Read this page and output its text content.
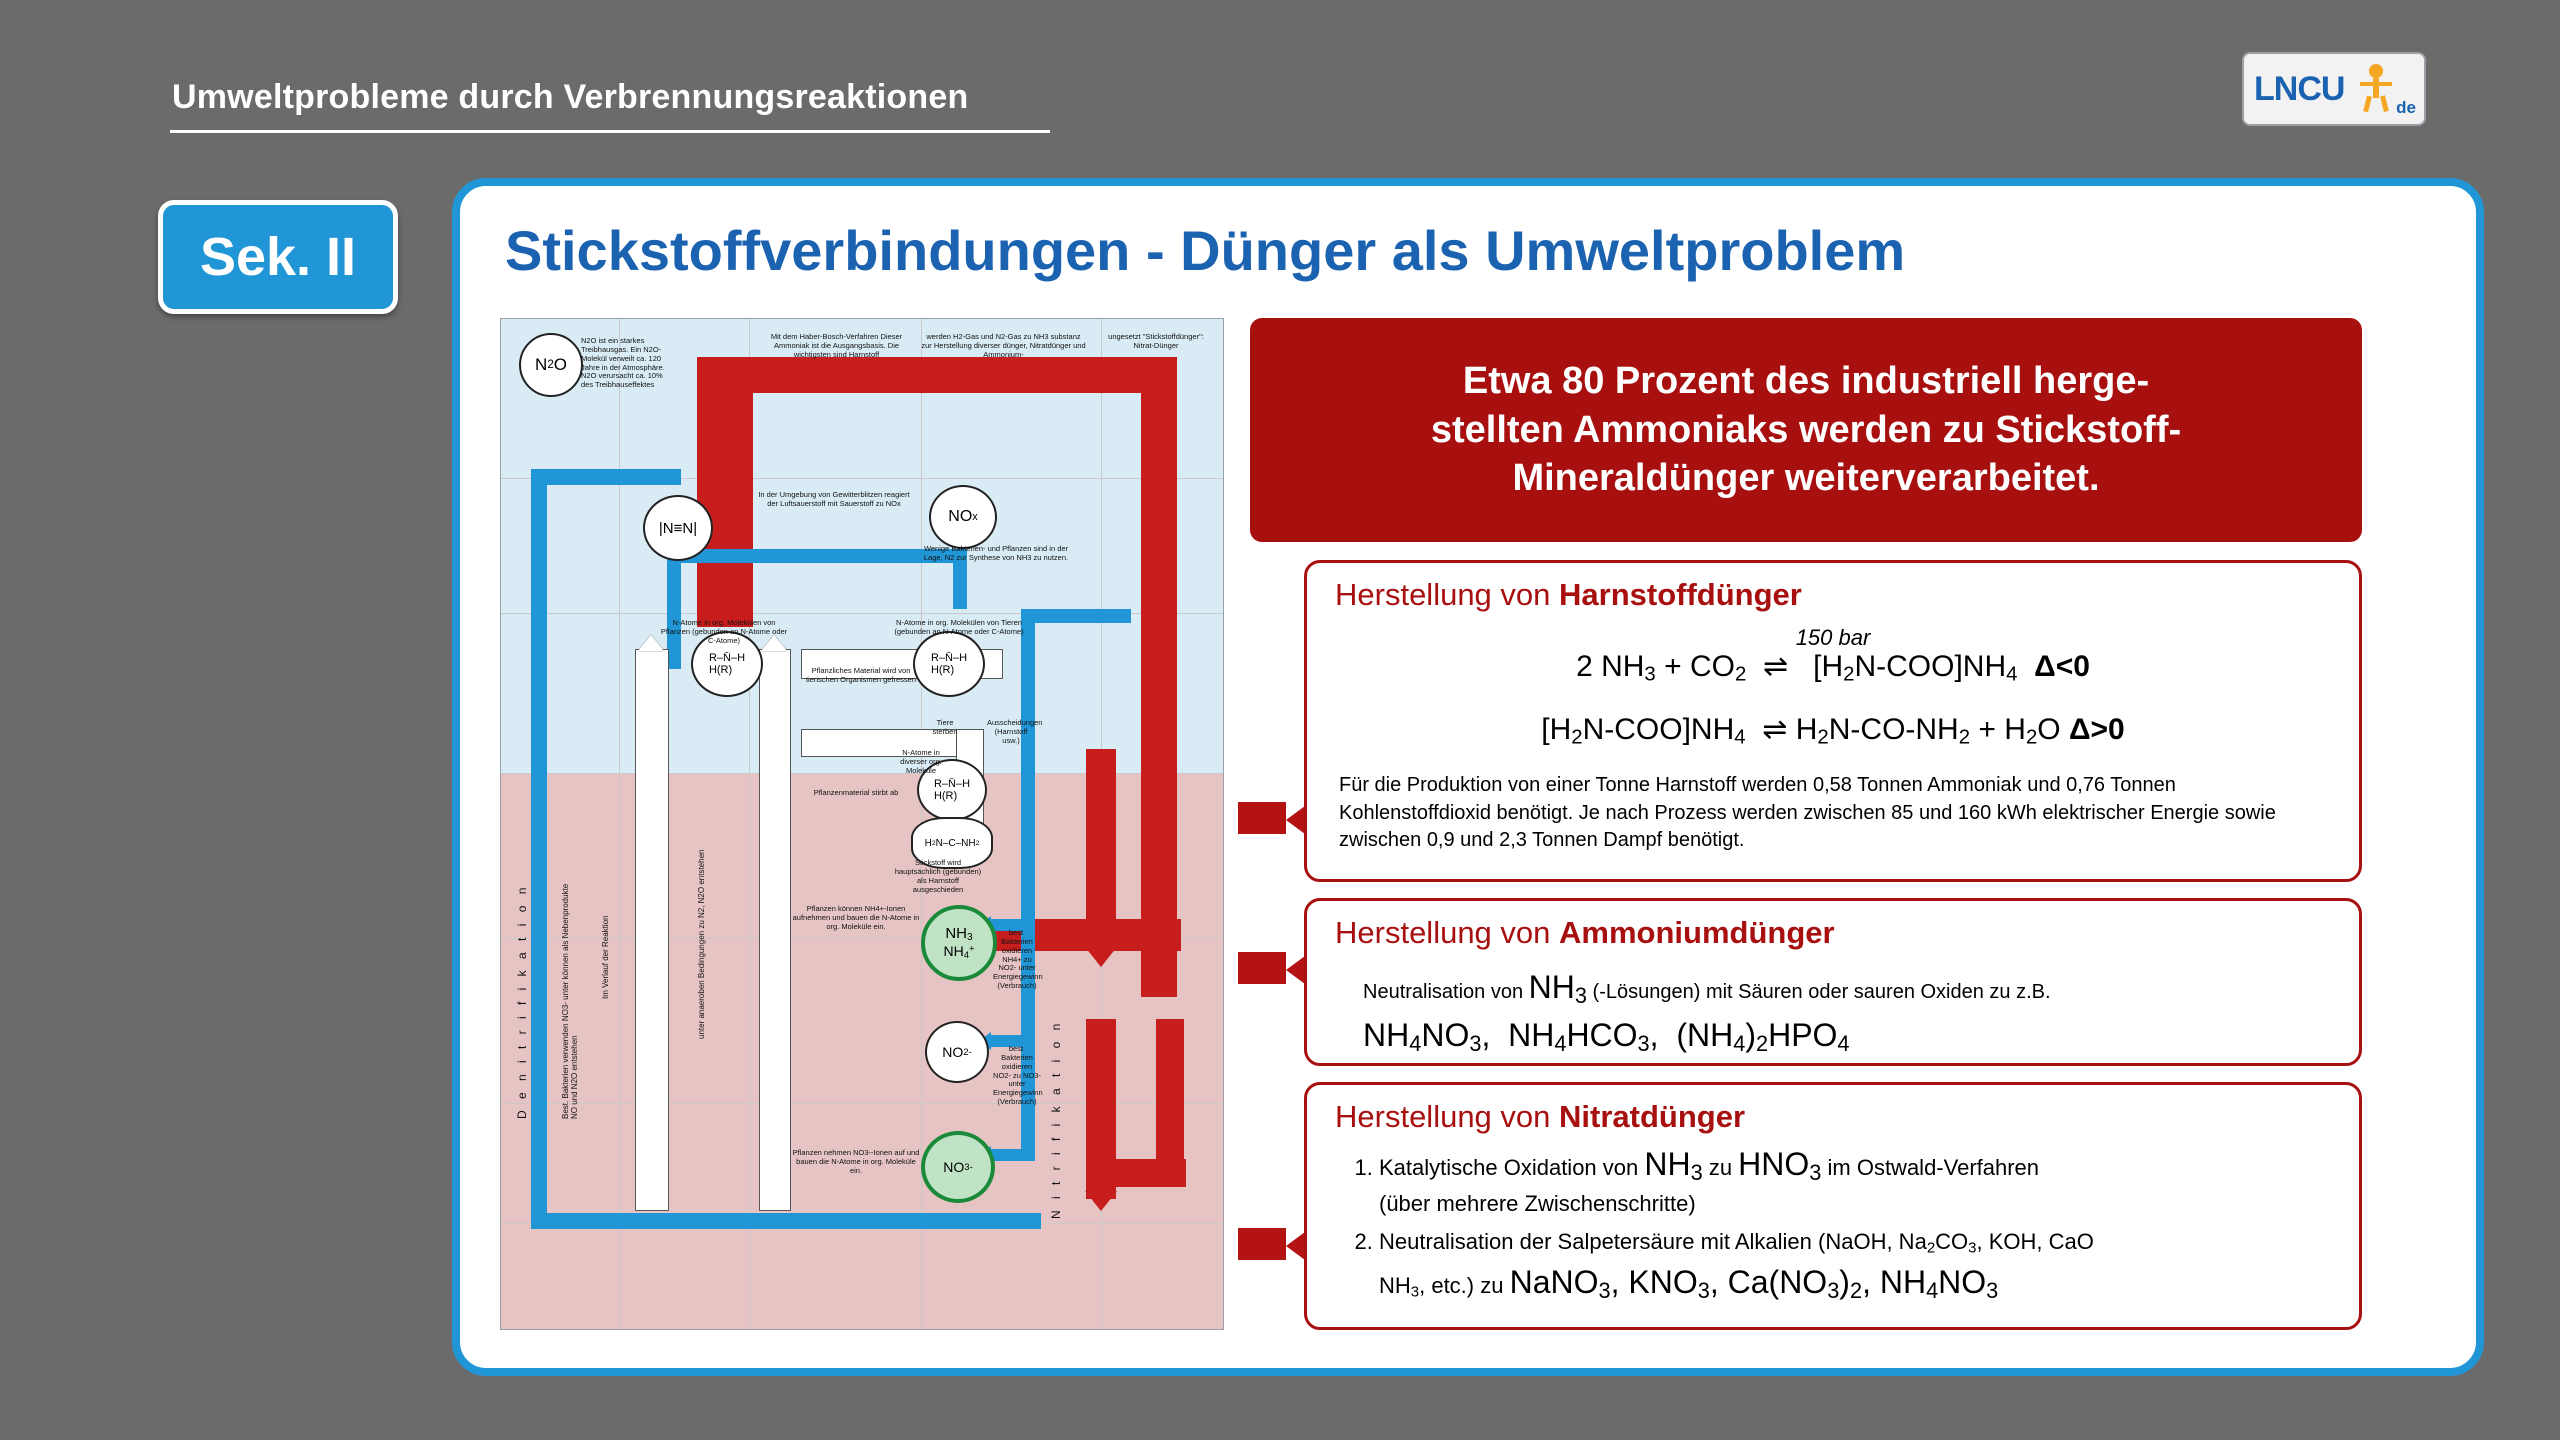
Umweltprobleme durch Verbrennungsreaktionen	LNCU	de
Sek. II	Stickstoffverbindungen - Dünger als Umweltproblem
Etwa 80 Prozent des industriell herge-
stellten Ammoniaks werden zu Stickstoff-
Mineraldünger weiterverarbeitet.
Herstellung von Harnstoffdünger
150 bar
2 $NH_3 + CO_2$  ⇌   $[H_2N-COO]NH_4$ Δ<0
$[H_2N-COO]NH_4$  ⇌ $H_2N-CO-NH_2 + H_2O$ Δ>0
Für die Produktion von einer Tonne Harnstoff werden 0,58 Tonnen Ammoniak und 0,76 Tonnen Kohlenstoffdioxid benötigt. Je nach Prozess werden zwischen 85 und 160 kWh elektrischer Energie sowie zwischen 0,9 und 2,3 Tonnen Dampf benötigt.
Herstellung von Ammoniumdünger
Neutralisation von $NH_3$ (-Lösungen) mit Säuren oder sauren Oxiden zu z.B.
$NH_4NO_3$,  $NH_4HCO_3$,  $(NH_4)_2HPO_4$
Herstellung von Nitratdünger
1. Katalytische Oxidation von $NH_3$ zu $HNO_3$ im Ostwald-Verfahren
(über mehrere Zwischenschritte)
2. Neutralisation der Salpetersäure mit Alkalien (NaOH, $Na_2CO_3$, KOH, CaO
$NH_3$, etc.) zu NaNO$_3$, $KNO_3$, $Ca(NO_3)_2$, $NH_4NO_3$
D e n i t r i f i k a t i o n
N i t r i f i k a t i o n
N 2 O
|N≡N|
NO x
R–N̄–H
H(R)
R–N̄–H
H(R)
R–N̄–H
H(R)
H 2 N–C–NH 2
$NH_3$
$NH_4^+$
NO 2 -
NO 3 -
N2O ist ein starkes Treibhausgas. Ein N2O-Molekül verweilt ca. 120 Jahre in der Atmosphäre. N2O verursacht ca. 10% des Treibhauseffektes
Mit dem Haber-Bosch-Verfahren Dieser Ammoniak ist die Ausgangsbasis. Die wichtigsten sind Harnstoff
werden H2-Gas und N2-Gas zu NH3 substanz zur Herstellung diverser dünger, Nitratdünger und Ammonium-
ungesetzt "Stickstoffdünger": Nitrat-Dünger
In der Umgebung von Gewitterblitzen reagiert der Luftsauerstoff mit Sauerstoff zu NOx
Wenige Bakterien- und Pflanzen sind in der Lage, N2 zur Synthese von NH3 zu nutzen.
N-Atome in org. Molekülen von Pflanzen (gebunden an N-Atome oder C-Atome)
N-Atome in org. Molekülen von Tieren (gebunden an N-Atome oder C-Atome)
Pflanzliches Material wird von tierischen Organismen gefressen
Tiere sterben
Ausscheidungen (Harnstoff usw.)
N-Atome in diverser org. Moleküle
Stickstoff wird hauptsächlich (gebunden) als Harnstoff ausgeschieden
Pflanzenmaterial stirbt ab
Pflanzen können NH4+-Ionen aufnehmen und bauen die N-Atome in org. Moleküle ein.
best. Bakterien oxidieren NH4+ zu NO2- unter Energiegewinn (Verbrauch)
best. Bakterien oxidieren NO2- zu NO3- unter Energiegewinn (Verbrauch)
Pflanzen nehmen NO3--Ionen auf und bauen die N-Atome in org. Moleküle ein.
Best. Bakterien verwenden NO3- unter können als Nebenprodukte NO und N2O entstehen
Im Verlauf der Reaktion	unter anaeroben Bedingungen zu N2, N2O entstehen
